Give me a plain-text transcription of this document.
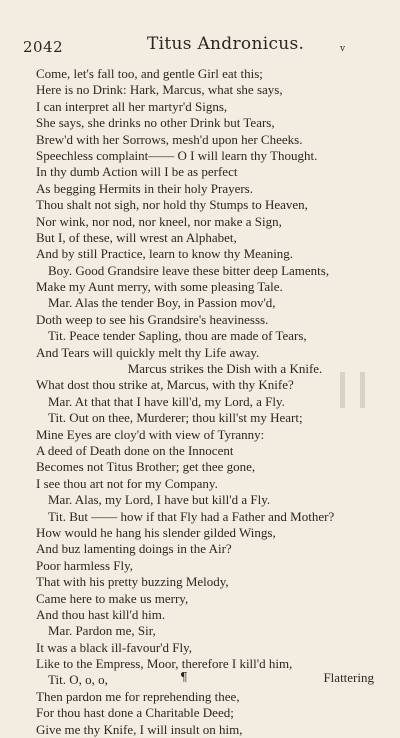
2042	Titus Andronicus.	v
Come, let's fall too, and gentle Girl eat this;
Here is no Drink: Hark, Marcus, what she says,
I can interpret all her martyr'd Signs,
She says, she drinks no other Drink but Tears,
Brew'd with her Sorrows, mesh'd upon her Cheeks.
Speechless complaint—— O I will learn thy Thought.
In thy dumb Action will I be as perfect
As begging Hermits in their holy Prayers.
Thou shalt not sigh, nor hold thy Stumps to Heaven,
Nor wink, nor nod, nor kneel, nor make a Sign,
But I, of these, will wrest an Alphabet,
And by still Practice, learn to know thy Meaning.
Boy. Good Grandsire leave these bitter deep Laments,
Make my Aunt merry, with some pleasing Tale.
Mar. Alas the tender Boy, in Passion mov'd,
Doth weep to see his Grandsire's heavinesss.
Tit. Peace tender Sapling, thou are made of Tears,
And Tears will quickly melt thy Life away.
Marcus strikes the Dish with a Knife.
What dost thou strike at, Marcus, with thy Knife?
Mar. At that that I have kill'd, my Lord, a Fly.
Tit. Out on thee, Murderer; thou kill'st my Heart;
Mine Eyes are cloy'd with view of Tyranny:
A deed of Death done on the Innocent
Becomes not Titus Brother; get thee gone,
I see thou art not for my Company.
Mar. Alas, my Lord, I have but kill'd a Fly.
Tit. But —— how if that Fly had a Father and Mother?
How would he hang his slender gilded Wings,
And buz lamenting doings in the Air?
Poor harmless Fly,
That with his pretty buzzing Melody,
Came here to make us merry,
And thou hast kill'd him.
Mar. Pardon me, Sir,
It was a black ill-favour'd Fly,
Like to the Empress, Moor, therefore I kill'd him,
Tit. O, o, o,
Then pardon me for reprehending thee,
For thou hast done a Charitable Deed;
Give me thy Knife, I will insult on him,
¶	Flattering
